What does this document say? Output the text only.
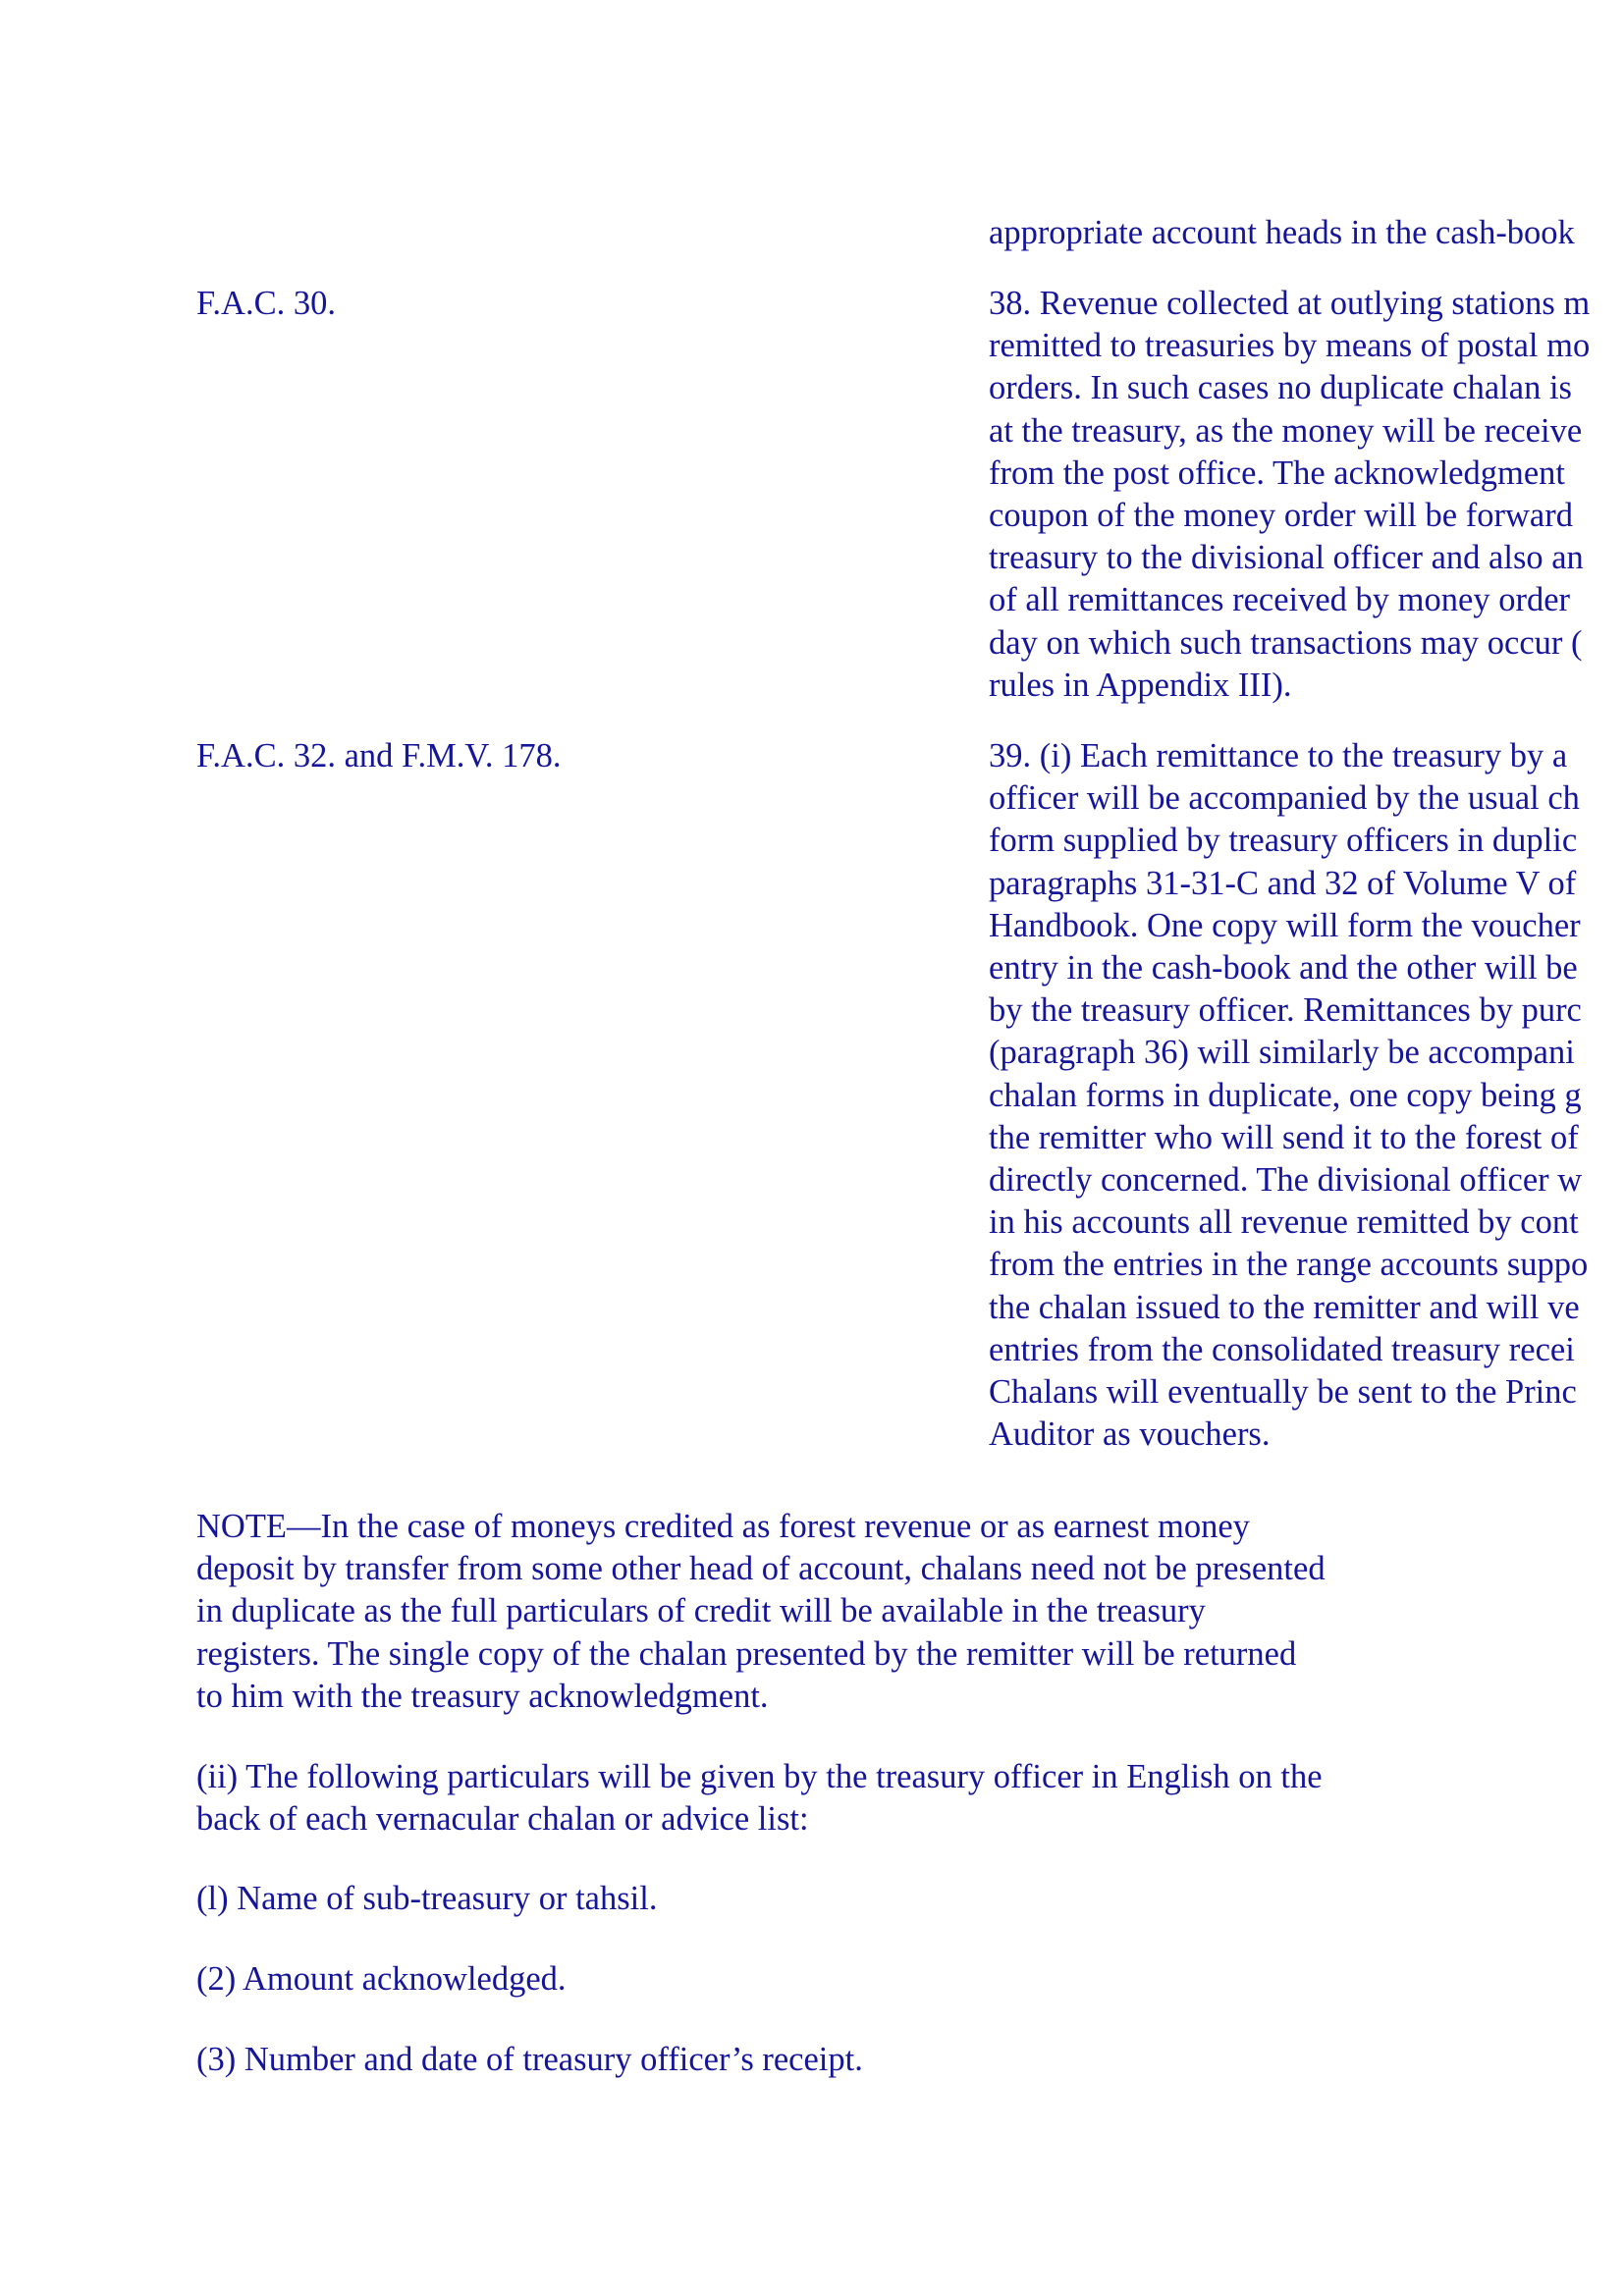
appropriate account heads in the cash-book
F.A.C. 30.	38. Revenue collected at outlying stations m
remitted to treasuries by means of postal mo
orders. In such cases no duplicate chalan is
at the treasury, as the money will be receive
from the post office. The acknowledgment
coupon of the money order will be forward
treasury to the divisional officer and also an
of all remittances received by money order
day on which such transactions may occur (
rules in Appendix III).
F.A.C. 32. and F.M.V. 178.	39. (i) Each remittance to the treasury by a
officer will be accompanied by the usual ch
form supplied by treasury officers in duplic
paragraphs 31-31-C and 32 of Volume V of
Handbook. One copy will form the voucher
entry in the cash-book and the other will be
by the treasury officer. Remittances by purc
(paragraph 36) will similarly be accompani
chalan forms in duplicate, one copy being g
the remitter who will send it to the forest of
directly concerned. The divisional officer w
in his accounts all revenue remitted by cont
from the entries in the range accounts suppo
the chalan issued to the remitter and will ve
entries from the consolidated treasury recei
Chalans will eventually be sent to the Princ
Auditor as vouchers.
NOTE—In the case of moneys credited as forest revenue or as earnest money
deposit by transfer from some other head of account, chalans need not be presented
in duplicate as the full particulars of credit will be available in the treasury
registers. The single copy of the chalan presented by the remitter will be returned
to him with the treasury acknowledgment.
(ii) The following particulars will be given by the treasury officer in English on the
back of each vernacular chalan or advice list:
(l) Name of sub-treasury or tahsil.
(2) Amount acknowledged.
(3) Number and date of treasury officer’s receipt.
